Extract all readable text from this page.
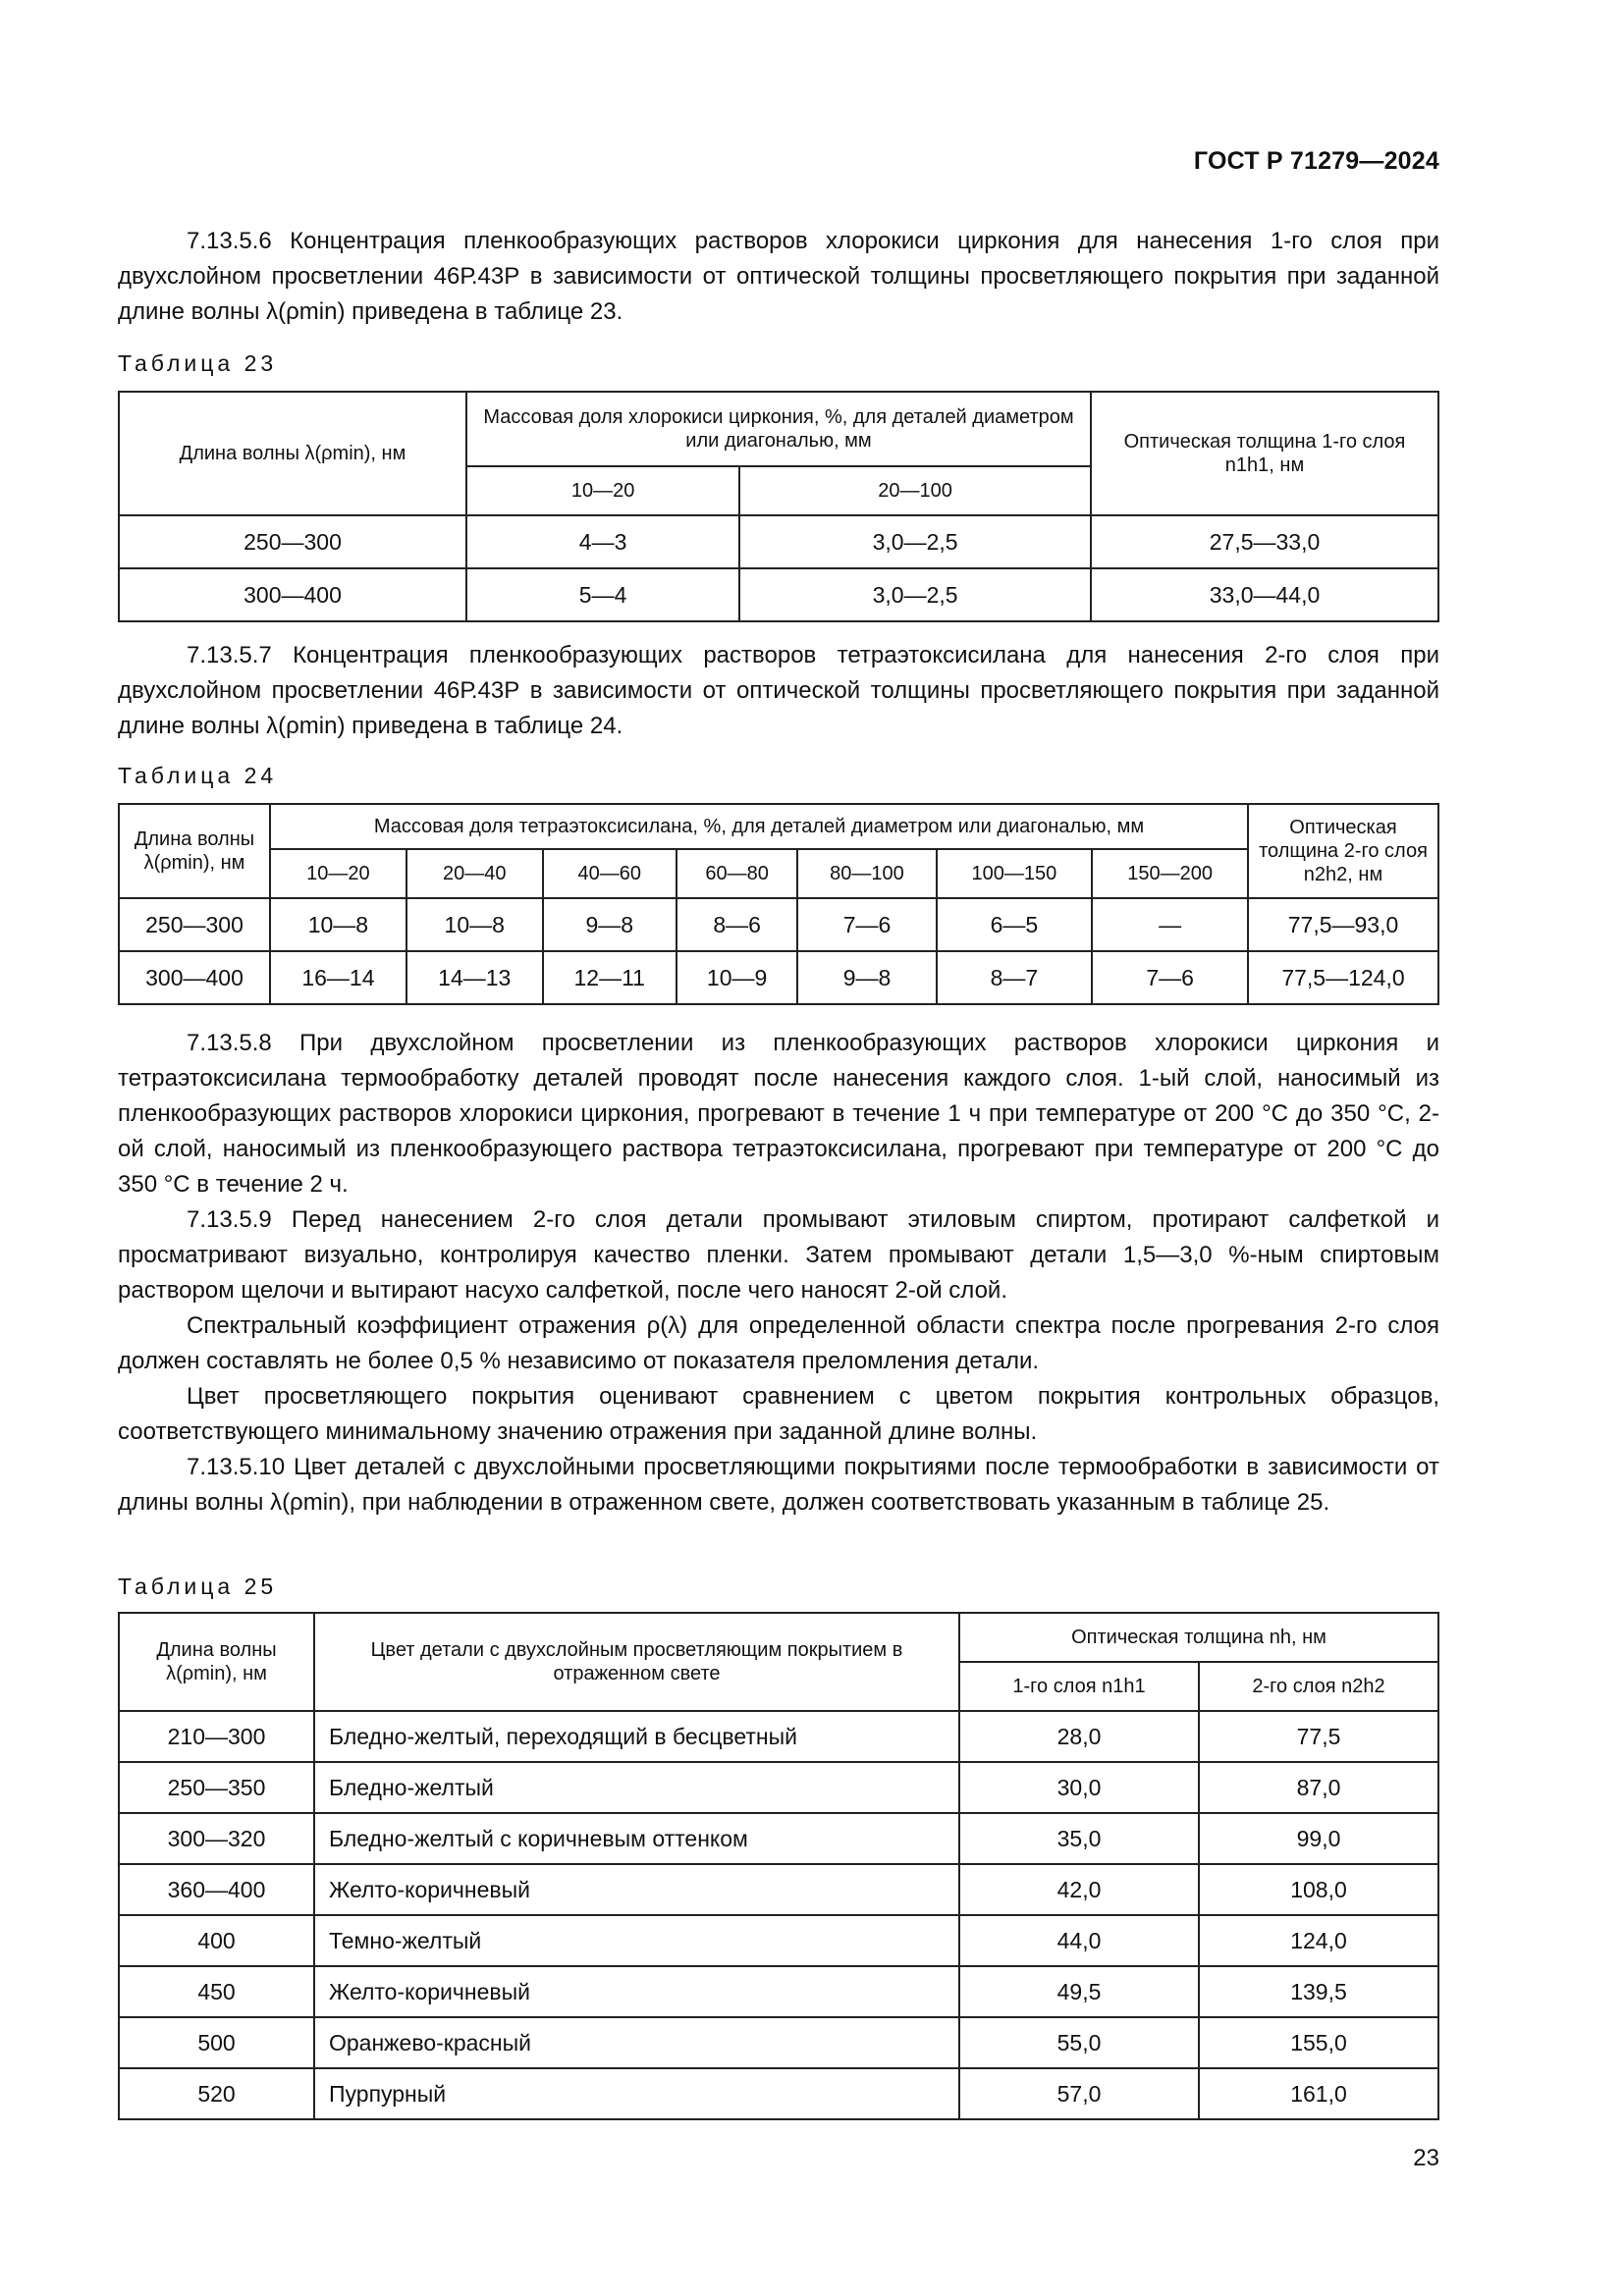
ГОСТ Р 71279—2024

7.13.5.6 Концентрация пленкообразующих растворов хлорокиси циркония для нанесения 1-го слоя при двухслойном просветлении 46Р.43Р в зависимости от оптической толщины просветляющего покрытия при заданной длине волны λ(ρmin) приведена в таблице 23.

Таблица 23
Длина волны λ(ρmin), нм	Массовая доля хлорокиси циркония, %, для деталей диаметром или диагональю, мм		Оптическая толщина 1-го слоя n1h1, нм
	10—20	20—100	
250—300	4—3	3,0—2,5	27,5—33,0
300—400	5—4	3,0—2,5	33,0—44,0

7.13.5.7 Концентрация пленкообразующих растворов тетраэтоксисилана для нанесения 2-го слоя при двухслойном просветлении 46Р.43Р в зависимости от оптической толщины просветляющего покрытия при заданной длине волны λ(ρmin) приведена в таблице 24.

Таблица 24
Длина волны λ(ρmin), нм	Массовая доля тетраэтоксисилана, %, для деталей диаметром или диагональю, мм							Оптическая толщина 2-го слоя n2h2, нм
	10—20	20—40	40—60	60—80	80—100	100—150	150—200	
250—300	10—8	10—8	9—8	8—6	7—6	6—5	—	77,5—93,0
300—400	16—14	14—13	12—11	10—9	9—8	8—7	7—6	77,5—124,0

7.13.5.8 При двухслойном просветлении из пленкообразующих растворов хлорокиси циркония и тетраэтоксисилана термообработку деталей проводят после нанесения каждого слоя. 1-ый слой, наносимый из пленкообразующих растворов хлорокиси циркония, прогревают в течение 1 ч при температуре от 200 °С до 350 °С, 2-ой слой, наносимый из пленкообразующего раствора тетраэтоксисилана, прогревают при температуре от 200 °С до 350 °С в течение 2 ч.

7.13.5.9 Перед нанесением 2-го слоя детали промывают этиловым спиртом, протирают салфеткой и просматривают визуально, контролируя качество пленки. Затем промывают детали 1,5—3,0 %-ным спиртовым раствором щелочи и вытирают насухо салфеткой, после чего наносят 2-ой слой.

Спектральный коэффициент отражения ρ(λ) для определенной области спектра после прогревания 2-го слоя должен составлять не более 0,5 % независимо от показателя преломления детали.

Цвет просветляющего покрытия оценивают сравнением с цветом покрытия контрольных образцов, соответствующего минимальному значению отражения при заданной длине волны.

7.13.5.10 Цвет деталей с двухслойными просветляющими покрытиями после термообработки в зависимости от длины волны λ(ρmin), при наблюдении в отраженном свете, должен соответствовать указанным в таблице 25.

Таблица 25
Длина волны λ(ρmin), нм	Цвет детали с двухслойным просветляющим покрытием в отраженном свете	Оптическая толщина nh, нм	
		1-го слоя n1h1	2-го слоя n2h2
210—300	Бледно-желтый, переходящий в бесцветный	28,0	77,5
250—350	Бледно-желтый	30,0	87,0
300—320	Бледно-желтый с коричневым оттенком	35,0	99,0
360—400	Желто-коричневый	42,0	108,0
400	Темно-желтый	44,0	124,0
450	Желто-коричневый	49,5	139,5
500	Оранжево-красный	55,0	155,0
520	Пурпурный	57,0	161,0
23
